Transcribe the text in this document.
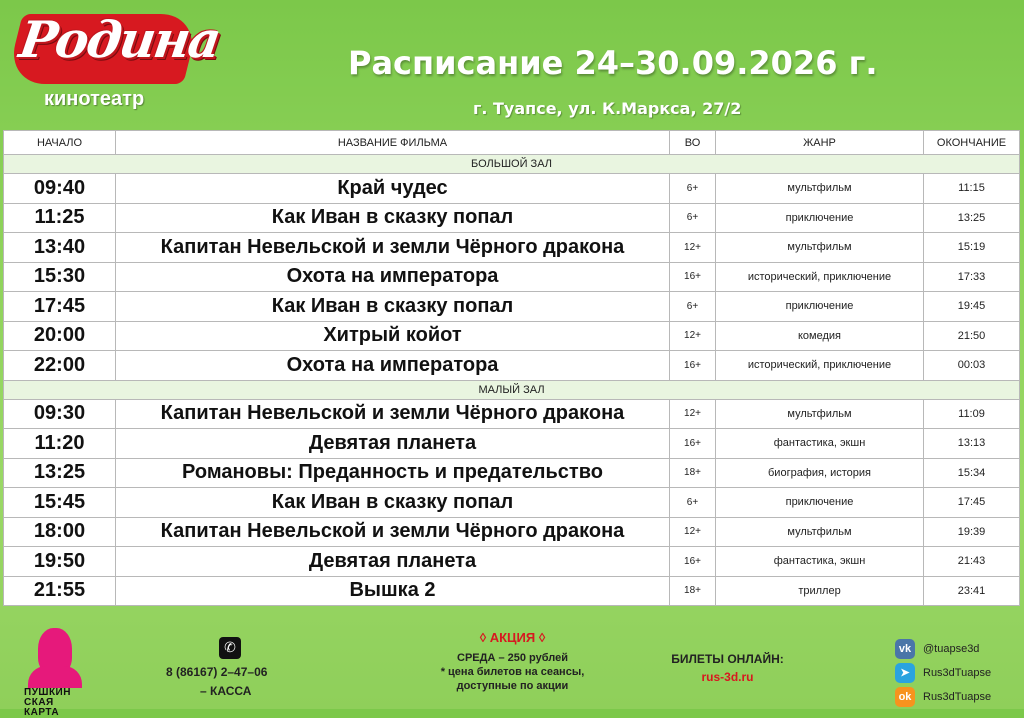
Родина
кинотеатр
Расписание 24–30.09.2026 г.
г. Туапсе, ул. К.Маркса, 27/2
НАЧАЛО	НАЗВАНИЕ ФИЛЬМА	ВО	ЖАНР	ОКОНЧАНИЕ
БОЛЬШОЙ ЗАЛ				
09:40	Край чудес	6+	мультфильм	11:15
11:25	Как Иван в сказку попал	6+	приключение	13:25
13:40	Капитан Невельской и земли Чёрного дракона	12+	мультфильм	15:19
15:30	Охота на императора	16+	исторический, приключение	17:33
17:45	Как Иван в сказку попал	6+	приключение	19:45
20:00	Хитрый койот	12+	комедия	21:50
22:00	Охота на императора	16+	исторический, приключение	00:03
МАЛЫЙ ЗАЛ				
09:30	Капитан Невельской и земли Чёрного дракона	12+	мультфильм	11:09
11:20	Девятая планета	16+	фантастика, экшн	13:13
13:25	Романовы: Преданность и предательство	18+	биография, история	15:34
15:45	Как Иван в сказку попал	6+	приключение	17:45
18:00	Капитан Невельской и земли Чёрного дракона	12+	мультфильм	19:39
19:50	Девятая планета	16+	фантастика, экшн	21:43
21:55	Вышка 2	18+	триллер	23:41
ПУШКИН
СКАЯ
КАРТА
✆
8 (86167) 2–47–06
– КАССА
◊ АКЦИЯ ◊
СРЕДА – 250 рублей
* цена билетов на сеансы,
доступные по акции
БИЛЕТЫ ОНЛАЙН:
rus-3d.ru
vk	@tuapse3d
➤	Rus3dTuapse
ok	Rus3dTuapse
